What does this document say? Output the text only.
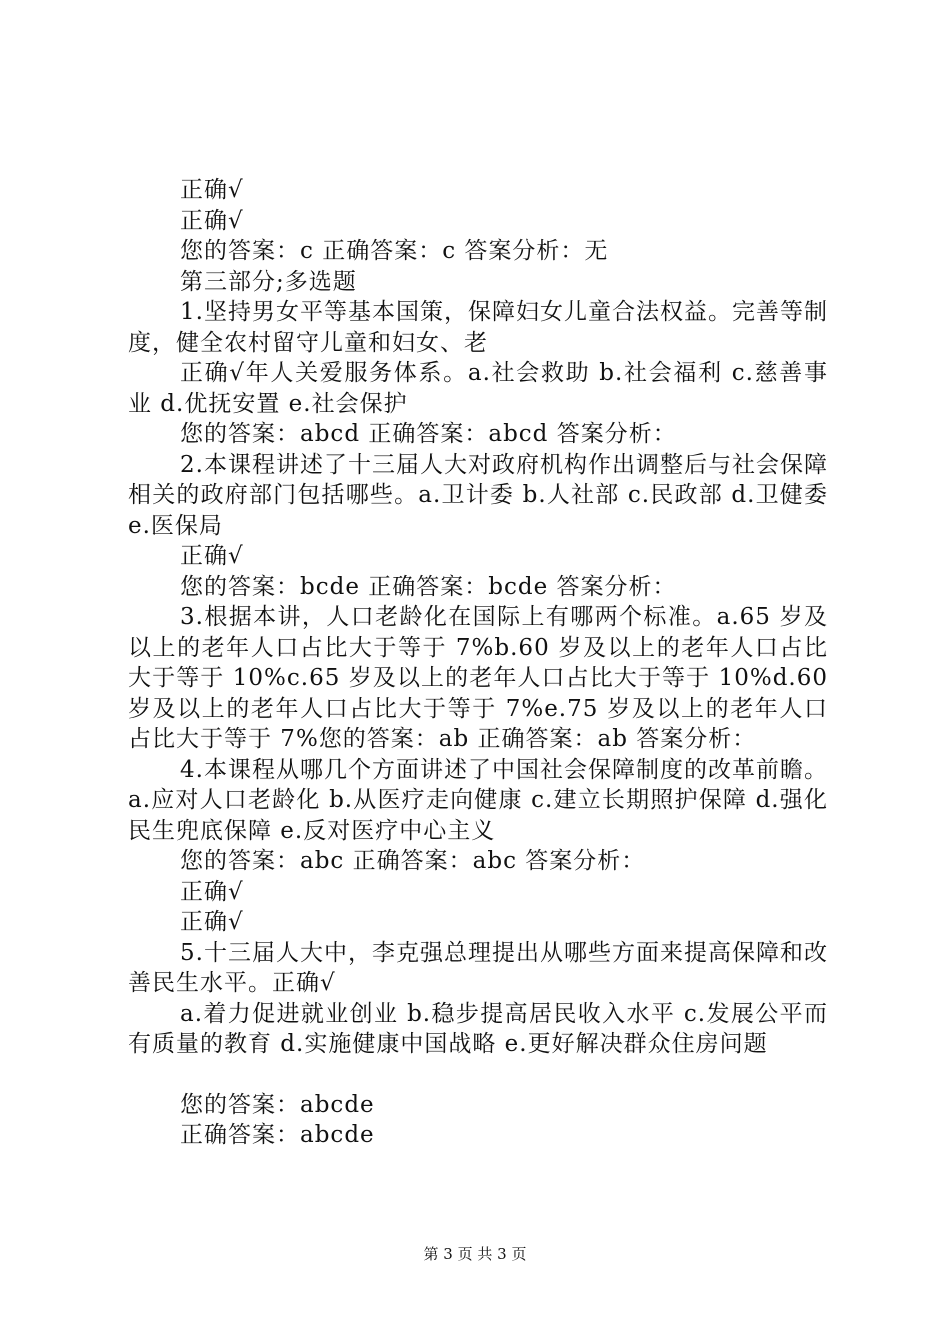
正确√

正确√

您的答案：c 正确答案：c 答案分析：无

第三部分;多选题

1.坚持男女平等基本国策，保障妇女儿童合法权益。完善等制度，健全农村留守儿童和妇女、老

正确√年人关爱服务体系。a.社会救助 b.社会福利 c.慈善事业 d.优抚安置 e.社会保护

您的答案：abcd 正确答案：abcd 答案分析：

2.本课程讲述了十三届人大对政府机构作出调整后与社会保障相关的政府部门包括哪些。a.卫计委 b.人社部 c.民政部 d.卫健委 e.医保局

正确√

您的答案：bcde 正确答案：bcde 答案分析：

3.根据本讲，人口老龄化在国际上有哪两个标准。a.65 岁及以上的老年人口占比大于等于 7%b.60 岁及以上的老年人口占比大于等于 10%c.65 岁及以上的老年人口占比大于等于 10%d.60 岁及以上的老年人口占比大于等于 7%e.75 岁及以上的老年人口占比大于等于 7%您的答案：ab 正确答案：ab 答案分析：

4.本课程从哪几个方面讲述了中国社会保障制度的改革前瞻。a.应对人口老龄化 b.从医疗走向健康 c.建立长期照护保障 d.强化民生兜底保障 e.反对医疗中心主义

您的答案：abc 正确答案：abc 答案分析：

正确√

正确√

5.十三届人大中，李克强总理提出从哪些方面来提高保障和改善民生水平。正确√

a.着力促进就业创业 b.稳步提高居民收入水平 c.发展公平而有质量的教育 d.实施健康中国战略 e.更好解决群众住房问题

您的答案：abcde

正确答案：abcde

第 3 页 共 3 页
